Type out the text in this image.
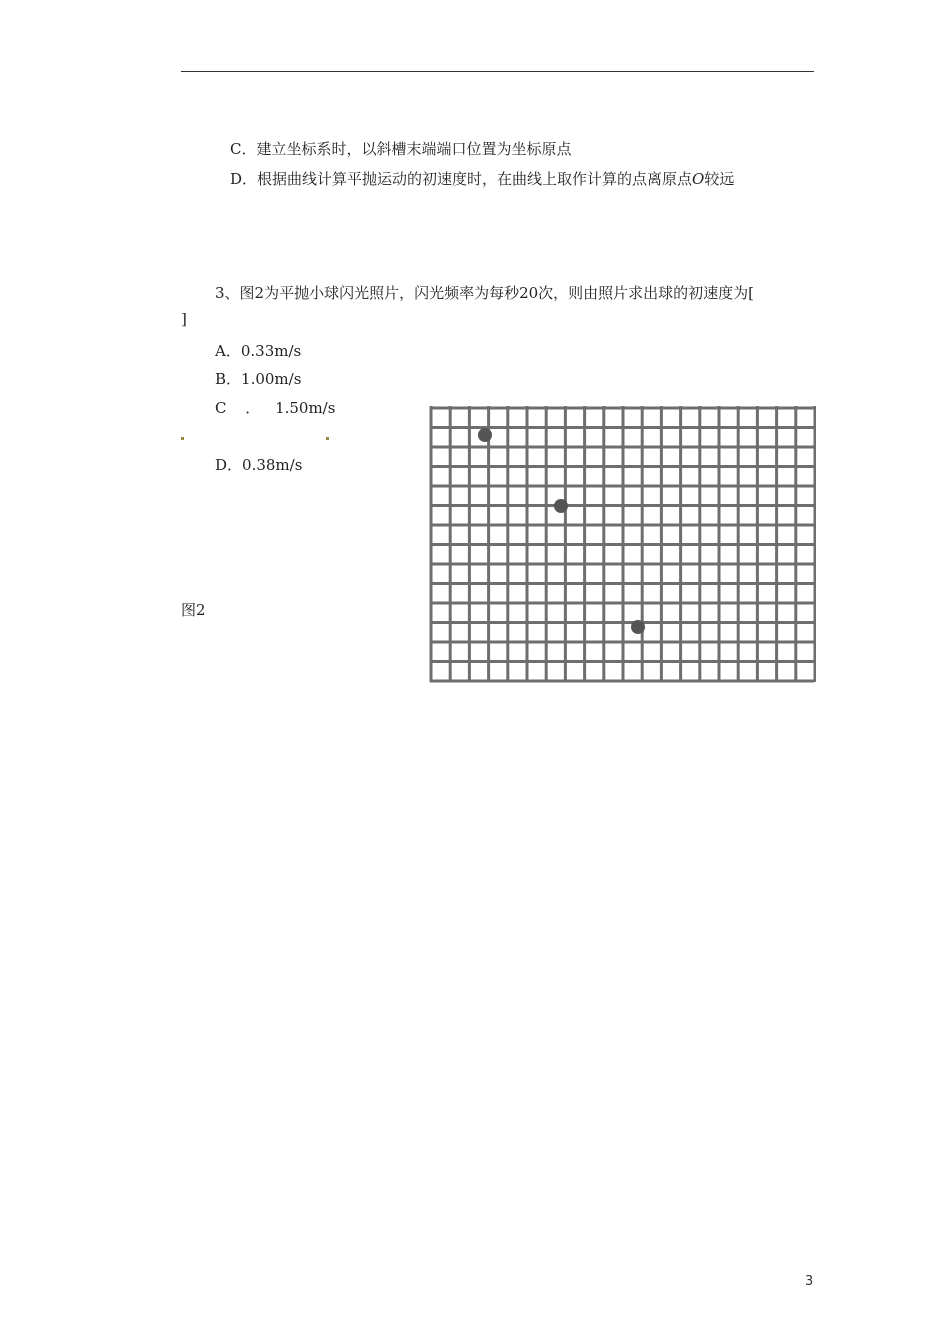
C．建立坐标系时，以斜槽末端端口位置为坐标原点
D．根据曲线计算平抛运动的初速度时，在曲线上取作计算的点离原点O较远
3、图2为平抛小球闪光照片，闪光频率为每秒20次，则由照片求出球的初速度为[
]
A．0.33m/s
B．1.00m/s
C ． 1.50m/s
D．0.38m/s
图2
3
